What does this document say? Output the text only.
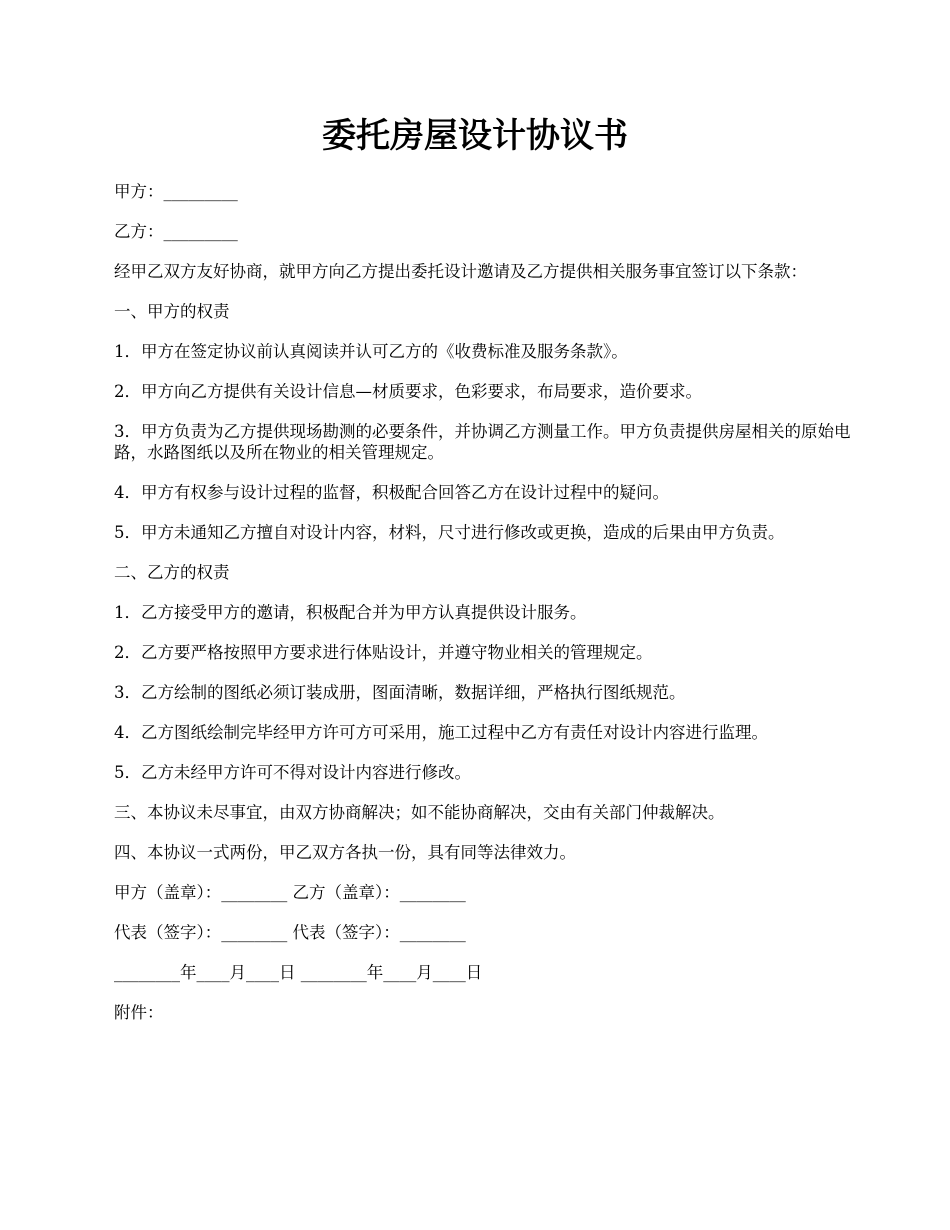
委托房屋设计协议书

甲方：_________

乙方：_________

经甲乙双方友好协商，就甲方向乙方提出委托设计邀请及乙方提供相关服务事宜签订以下条款：

一、甲方的权责

1．甲方在签定协议前认真阅读并认可乙方的《收费标准及服务条款》。

2．甲方向乙方提供有关设计信息—材质要求，色彩要求，布局要求，造价要求。

3．甲方负责为乙方提供现场勘测的必要条件，并协调乙方测量工作。甲方负责提供房屋相关的原始电路，水路图纸以及所在物业的相关管理规定。

4．甲方有权参与设计过程的监督，积极配合回答乙方在设计过程中的疑问。

5．甲方未通知乙方擅自对设计内容，材料，尺寸进行修改或更换，造成的后果由甲方负责。

二、乙方的权责

1．乙方接受甲方的邀请，积极配合并为甲方认真提供设计服务。

2．乙方要严格按照甲方要求进行体贴设计，并遵守物业相关的管理规定。

3．乙方绘制的图纸必须订装成册，图面清晰，数据详细，严格执行图纸规范。

4．乙方图纸绘制完毕经甲方许可方可采用，施工过程中乙方有责任对设计内容进行监理。

5．乙方未经甲方许可不得对设计内容进行修改。

三、本协议未尽事宜，由双方协商解决；如不能协商解决，交由有关部门仲裁解决。

四、本协议一式两份，甲乙双方各执一份，具有同等法律效力。

甲方（盖章）：________ 乙方（盖章）：________

代表（签字）：________ 代表（签字）：________

________年____月____日 ________年____月____日

附件：
